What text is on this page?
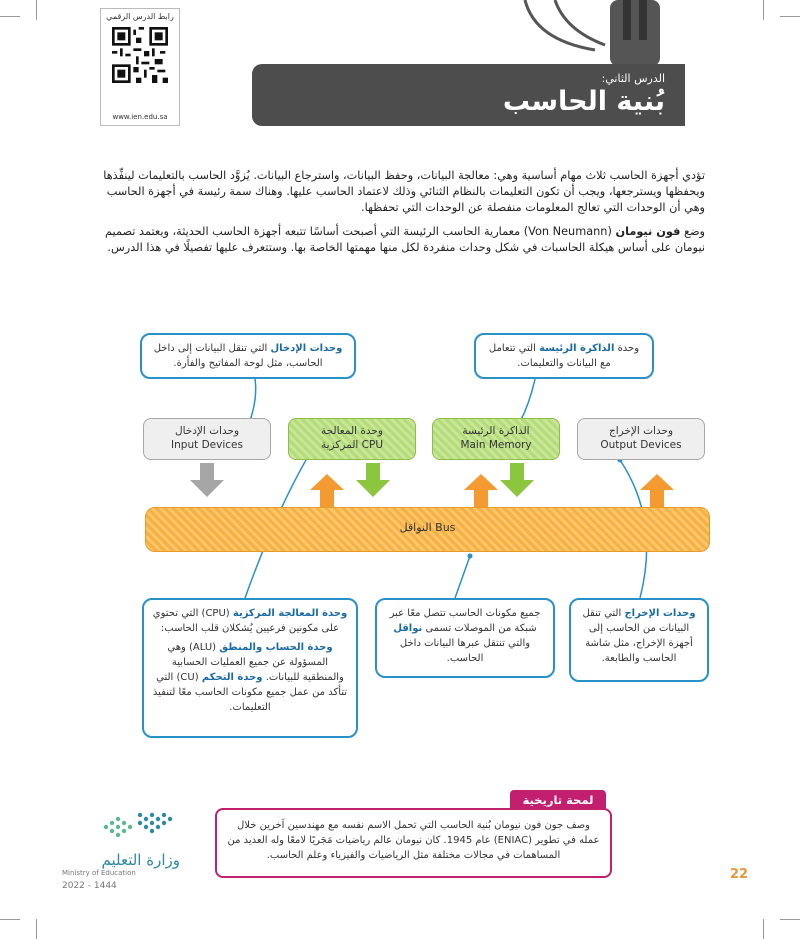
رابط الدرس الرقمي
www.ien.edu.sa
الدرس الثاني:
بُنية الحاسب
تؤدي أجهزة الحاسب ثلاث مهام أساسية وهي: معالجة البيانات، وحفظ البيانات، واسترجاع البيانات. يُزوَّد الحاسب بالتعليمات لينفِّذها ويحفظها ويسترجعها، ويجب أن تكون التعليمات بالنظام الثنائي وذلك لاعتماد الحاسب عليها. وهناك سمة رئيسة في أجهزة الحاسب وهي أن الوحدات التي تعالج المعلومات منفصلة عن الوحدات التي تحفظها.
وضع فون نيومان (Von Neumann) معمارية الحاسب الرئيسة التي أصبحت أساسًا تتبعه أجهزة الحاسب الحديثة، ويعتمد تصميم نيومان على أساس هيكلة الحاسبات في شكل وحدات منفردة لكل منها مهمتها الخاصة بها. وستتعرف عليها تفصيلًا في هذا الدرس.
وحدات الإدخال التي تنقل البيانات إلى داخل الحاسب، مثل لوحة المفاتيح والفأرة.
وحدة الذاكرة الرئيسة التي تتعامل مع البيانات والتعليمات.
وحدات الإدخال
Input Devices
وحدة المعالجة
المركزية CPU
الذاكرة الرئيسة
Main Memory
وحدات الإخراج
Output Devices
النواقل Bus
وحدة المعالجة المركزية (CPU) التي تحتوي على مكونين فرعيين يُشكلان قلب الحاسب:
وحدة الحساب والمنطق (ALU) وهي المسؤولة عن جميع العمليات الحسابية والمنطقية للبيانات. وحدة التحكم (CU) التي تتأكد من عمل جميع مكونات الحاسب معًا لتنفيذ التعليمات.
جميع مكونات الحاسب تتصل معًا عبر شبكة من الموصلات تسمى نواقل والتي تنتقل عبرها البيانات داخل الحاسب.
وحدات الإخراج التي تنقل البيانات من الحاسب إلى أجهزة الإخراج، مثل شاشة الحاسب والطابعة.
لمحة تاريخية
وصف جون فون نيومان بُنية الحاسب التي تحمل الاسم نفسه مع مهندسين آخرين خلال عمله في تطوير (ENIAC) عام 1945. كان نيومان عالم رياضيات مَجَريًا لامعًا وله العديد من المساهمات في مجالات مختلفة مثل الرياضيات والفيزياء وعلم الحاسب.
وزارة التعليم
Ministry of Education
2022 - 1444
22
